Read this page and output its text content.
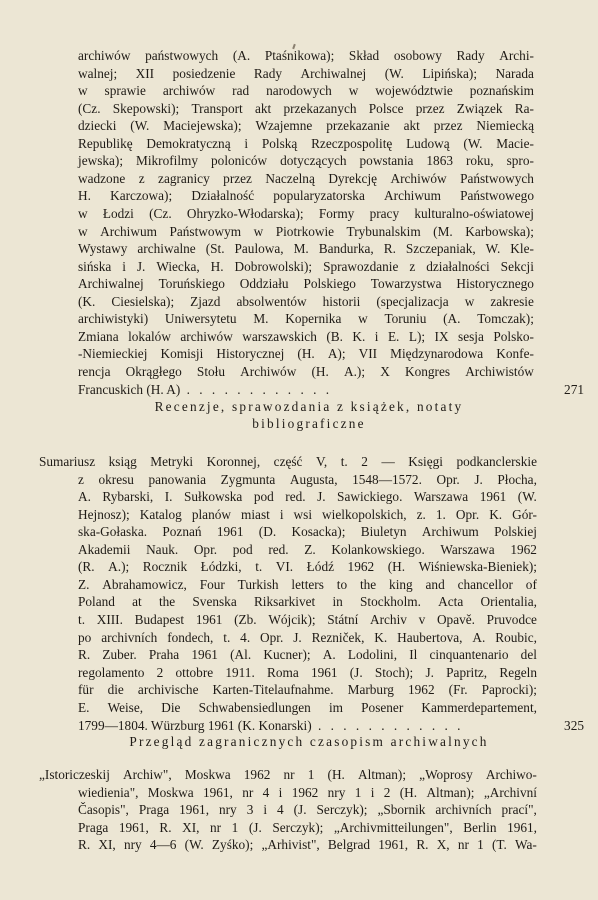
archiwów państwowych (A. Ptaśnikowa); Skład osobowy Rady Archi-
walnej; XII posiedzenie Rady Archiwalnej (W. Lipińska); Narada
w sprawie archiwów rad narodowych w województwie poznańskim
(Cz. Skepowski); Transport akt przekazanych Polsce przez Związek Ra-
dziecki (W. Maciejewska); Wzajemne przekazanie akt przez Niemiecką
Republikę Demokratyczną i Polską Rzeczpospolitę Ludową (W. Macie-
jewska); Mikrofilmy poloniców dotyczących powstania 1863 roku, spro-
wadzone z zagranicy przez Naczelną Dyrekcję Archiwów Państwowych
H. Karczowa); Działalność popularyzatorska Archiwum Państwowego
w Łodzi (Cz. Ohryzko-Włodarska); Formy pracy kulturalno-oświatowej
w Archiwum Państwowym w Piotrkowie Trybunalskim (M. Karbowska);
Wystawy archiwalne (St. Paulowa, M. Bandurka, R. Szczepaniak, W. Kle-
sińska i J. Wiecka, H. Dobrowolski); Sprawozdanie z działalności Sekcji
Archiwalnej Toruńskiego Oddziału Polskiego Towarzystwa Historycznego
(K. Ciesielska); Zjazd absolwentów historii (specjalizacja w zakresie
archiwistyki) Uniwersytetu M. Kopernika w Toruniu (A. Tomczak);
Zmiana lokalów archiwów warszawskich (B. K. i E. L); IX sesja Polsko-
-Niemieckiej Komisji Historycznej (H. A); VII Międzynarodowa Konfe-
rencja Okrągłego Stołu Archiwów (H. A.); X Kongres Archiwistów
Francuskich (H. A) . . . . . . . . . . . .	271
Recenzje, sprawozdania z książek, notaty
bibliograficzne
Sumariusz ksiąg Metryki Koronnej, część V, t. 2 — Księgi podkanclerskie
z okresu panowania Zygmunta Augusta, 1548—1572. Opr. J. Płocha,
A. Rybarski, I. Sułkowska pod red. J. Sawickiego. Warszawa 1961 (W.
Hejnosz); Katalog planów miast i wsi wielkopolskich, z. 1. Opr. K. Gór-
ska-Gołaska. Poznań 1961 (D. Kosacka); Biuletyn Archiwum Polskiej
Akademii Nauk. Opr. pod red. Z. Kolankowskiego. Warszawa 1962
(R. A.); Rocznik Łódzki, t. VI. Łódź 1962 (H. Wiśniewska-Bieniek);
Z. Abrahamowicz, Four Turkish letters to the king and chancellor of
Poland at the Svenska Riksarkivet in Stockholm. Acta Orientalia,
t. XIII. Budapest 1961 (Zb. Wójcik); Státní Archiv v Opavě. Pruvodce
po archivních fondech, t. 4. Opr. J. Rezniček, K. Haubertova, A. Roubic,
R. Zuber. Praha 1961 (Al. Kucner); A. Lodolini, Il cinquantenario del
regolamento 2 ottobre 1911. Roma 1961 (J. Stoch); J. Papritz, Regeln
für die archivische Karten-Titelaufnahme. Marburg 1962 (Fr. Paprocki);
E. Weise, Die Schwabensiedlungen im Posener Kammerdepartement,
1799—1804. Würzburg 1961 (K. Konarski) . . . . . . . . . . . .	325
Przegląd zagranicznych czasopism archiwalnych
„Istoriczeskij Archiw", Moskwa 1962 nr 1 (H. Altman); „Woprosy Archiwo-
wiedienia", Moskwa 1961, nr 4 i 1962 nry 1 i 2 (H. Altman); „Archivní
Časopis", Praga 1961, nry 3 i 4 (J. Serczyk); „Sbornik archivních prací",
Praga 1961, R. XI, nr 1 (J. Serczyk); „Archivmitteilungen", Berlin 1961,
R. XI, nry 4—6 (W. Zyśko); „Arhivist", Belgrad 1961, R. X, nr 1 (T. Wa-
